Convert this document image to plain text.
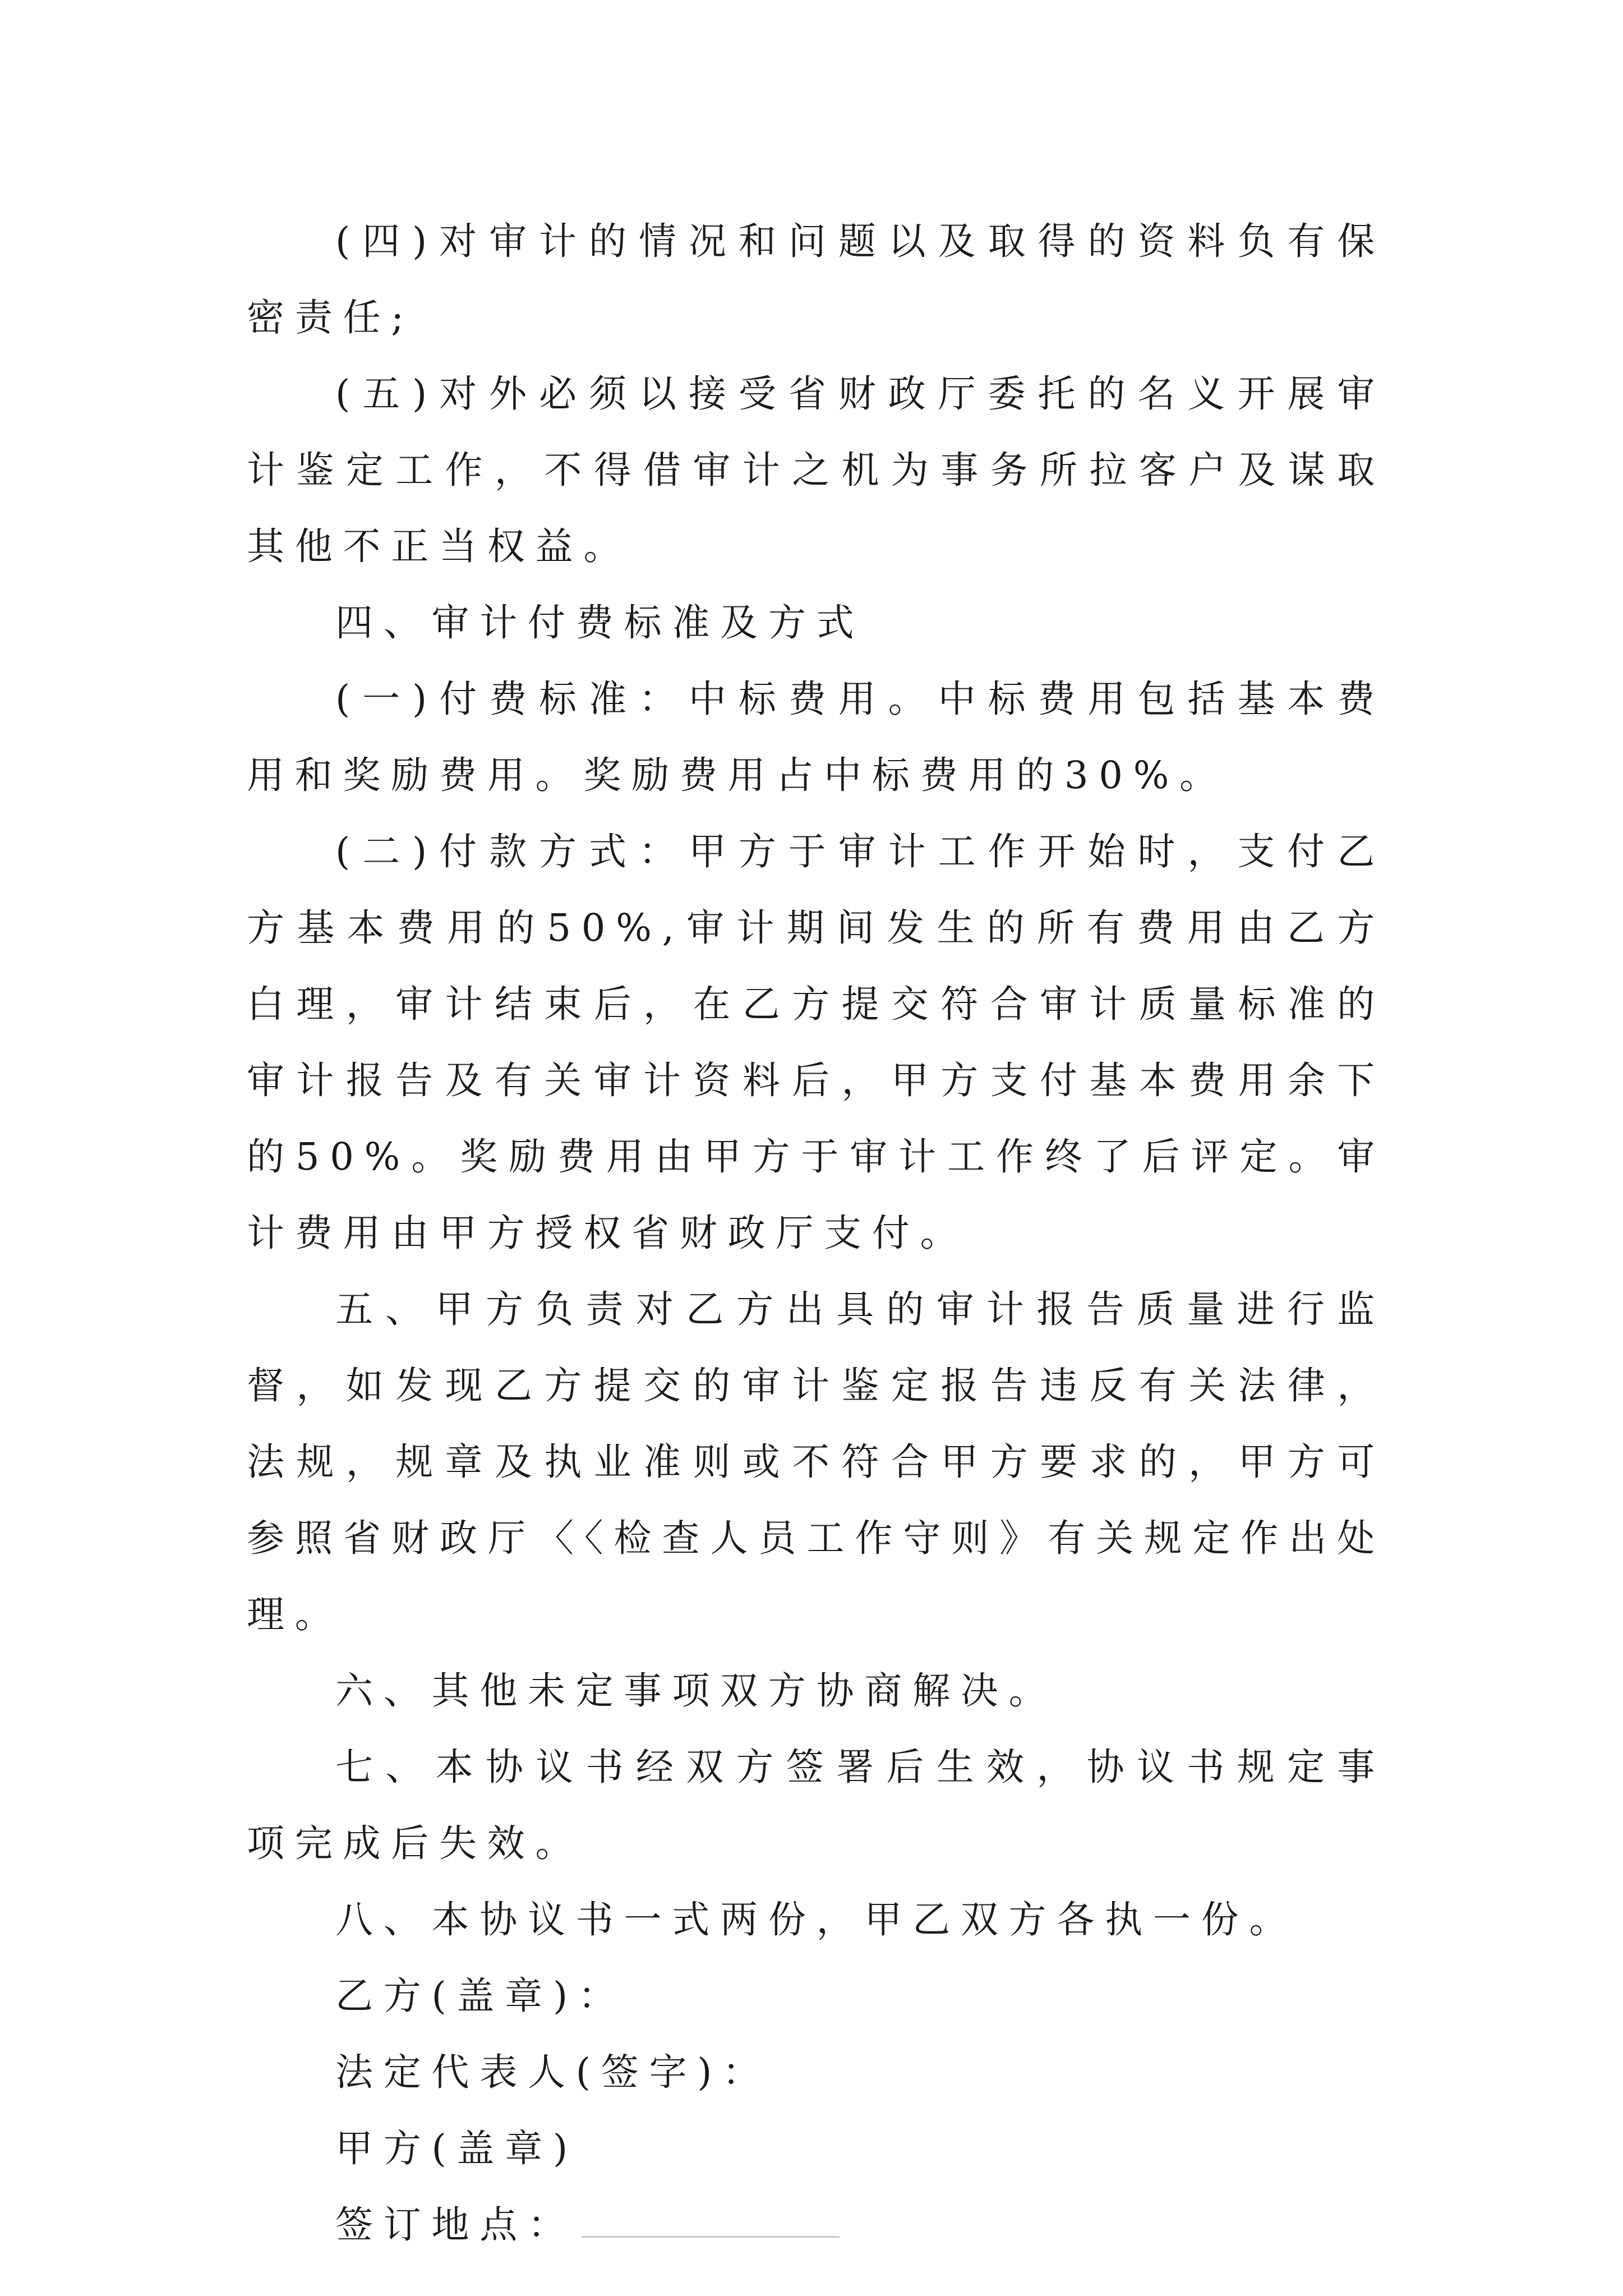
(四)对审计的情况和问题以及取得的资料负有保密责任;

(五)对外必须以接受省财政厅委托的名义开展审计鉴定工作，不得借审计之机为事务所拉客户及谋取其他不正当权益。

四、审计付费标准及方式

(一)付费标准：中标费用。中标费用包括基本费用和奖励费用。奖励费用占中标费用的30%。

(二)付款方式：甲方于审计工作开始时，支付乙方基本费用的50%,审计期间发生的所有费用由乙方白理，审计结束后，在乙方提交符合审计质量标准的审计报告及有关审计资料后，甲方支付基本费用余下的50%。奖励费用由甲方于审计工作终了后评定。审计费用由甲方授权省财政厅支付。

五、甲方负责对乙方出具的审计报告质量进行监督，如发现乙方提交的审计鉴定报告违反有关法律，法规，规章及执业准则或不符合甲方要求的，甲方可参照省财政厅〈〈检查人员工作守则》有关规定作出处理。

六、其他未定事项双方协商解决。

七、本协议书经双方签署后生效，协议书规定事项完成后失效。

八、本协议书一式两份，甲乙双方各执一份。

乙方(盖章)：

法定代表人(签字)：

甲方(盖章)

签订地点：
